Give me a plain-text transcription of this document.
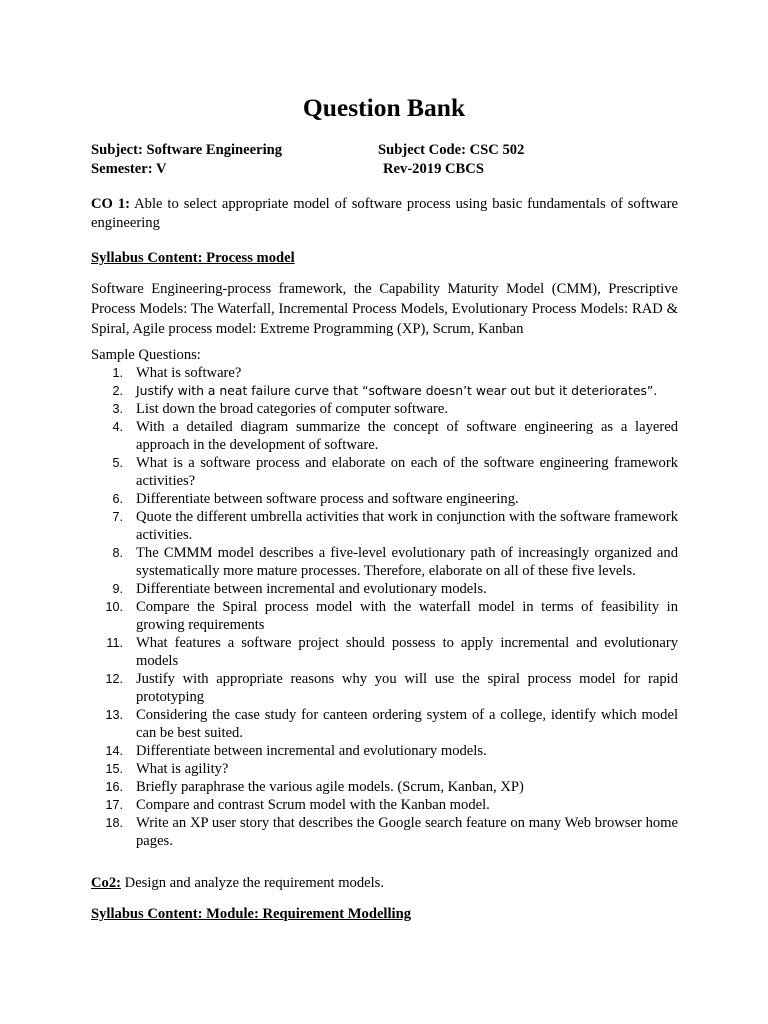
Question Bank
Subject: Software Engineering	Subject Code: CSC 502
Semester: V	Rev-2019 CBCS
CO 1: Able to select appropriate model of software process using basic fundamentals of software engineering
Syllabus Content: Process model
Software Engineering-process framework, the Capability Maturity Model (CMM), Prescriptive Process Models: The Waterfall, Incremental Process Models, Evolutionary Process Models: RAD & Spiral, Agile process model: Extreme Programming (XP), Scrum, Kanban
Sample Questions:
1. What is software?
2. Justify with a neat failure curve that “software doesn’t wear out but it deteriorates”.
3. List down the broad categories of computer software.
4. With a detailed diagram summarize the concept of software engineering as a layered approach in the development of software.
5. What is a software process and elaborate on each of the software engineering framework activities?
6. Differentiate between software process and software engineering.
7. Quote the different umbrella activities that work in conjunction with the software framework activities.
8. The CMMM model describes a five-level evolutionary path of increasingly organized and systematically more mature processes. Therefore, elaborate on all of these five levels.
9. Differentiate between incremental and evolutionary models.
10. Compare the Spiral process model with the waterfall model in terms of feasibility in growing requirements
11. What features a software project should possess to apply incremental and evolutionary models
12. Justify with appropriate reasons why you will use the spiral process model for rapid prototyping
13. Considering the case study for canteen ordering system of a college, identify which model can be best suited.
14. Differentiate between incremental and evolutionary models.
15. What is agility?
16. Briefly paraphrase the various agile models. (Scrum, Kanban, XP)
17. Compare and contrast Scrum model with the Kanban model.
18. Write an XP user story that describes the Google search feature on many Web browser home pages.
Co2: Design and analyze the requirement models.
Syllabus Content: Module: Requirement Modelling
